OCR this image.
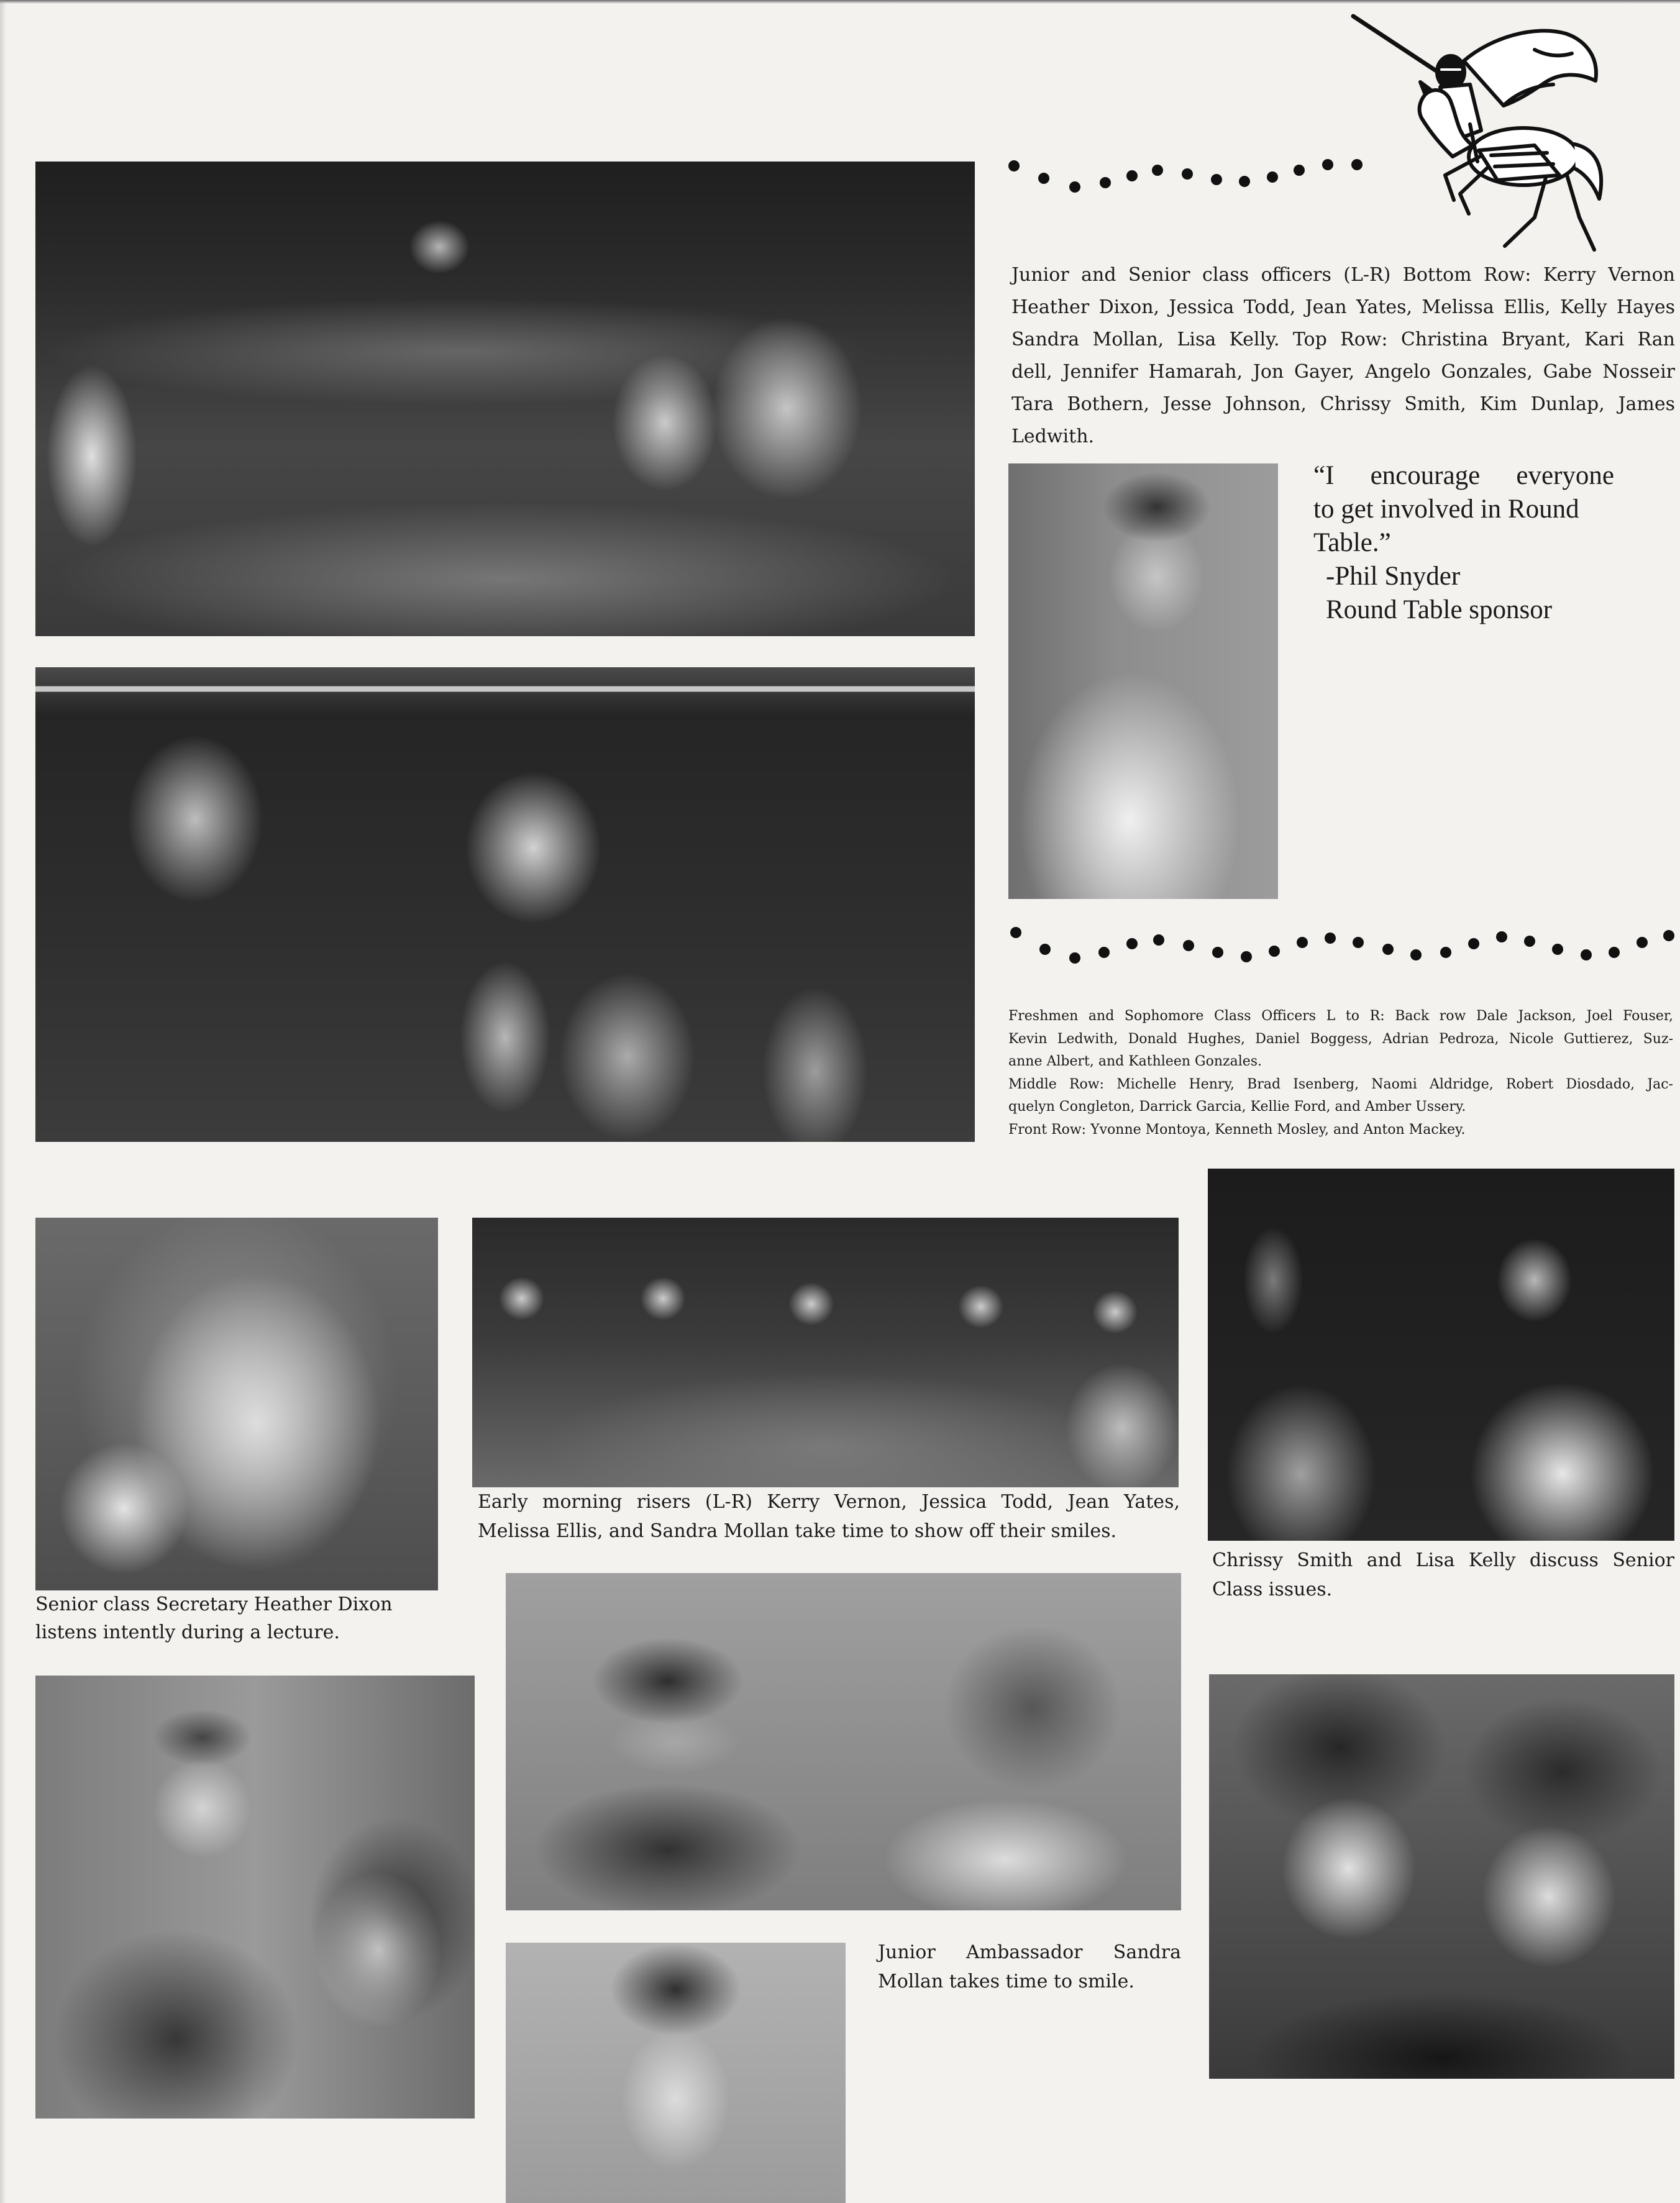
Junior and Senior class officers (L-R) Bottom Row: Kerry Vernon
Heather Dixon, Jessica Todd, Jean Yates, Melissa Ellis, Kelly Hayes
Sandra Mollan, Lisa Kelly. Top Row: Christina Bryant, Kari Ran
dell, Jennifer Hamarah, Jon Gayer, Angelo Gonzales, Gabe Nosseir
Tara Bothern, Jesse Johnson, Chrissy Smith, Kim Dunlap, James
Ledwith.
“I encourage everyone
to get involved in Round
Table.”
-Phil Snyder
Round Table sponsor
Freshmen and Sophomore Class Officers L to R: Back row Dale Jackson, Joel Fouser,
Kevin Ledwith, Donald Hughes, Daniel Boggess, Adrian Pedroza, Nicole Guttierez, Suz-
anne Albert, and Kathleen Gonzales.
Middle Row: Michelle Henry, Brad Isenberg, Naomi Aldridge, Robert Diosdado, Jac-
quelyn Congleton, Darrick Garcia, Kellie Ford, and Amber Ussery.
Front Row: Yvonne Montoya, Kenneth Mosley, and Anton Mackey.
Senior class Secretary Heather Dixon
listens intently during a lecture.
Early morning risers (L-R) Kerry Vernon, Jessica Todd, Jean Yates,
Melissa Ellis, and Sandra Mollan take time to show off their smiles.
Chrissy Smith and Lisa Kelly discuss Senior
Class issues.
Junior Ambassador Sandra
Mollan takes time to smile.
